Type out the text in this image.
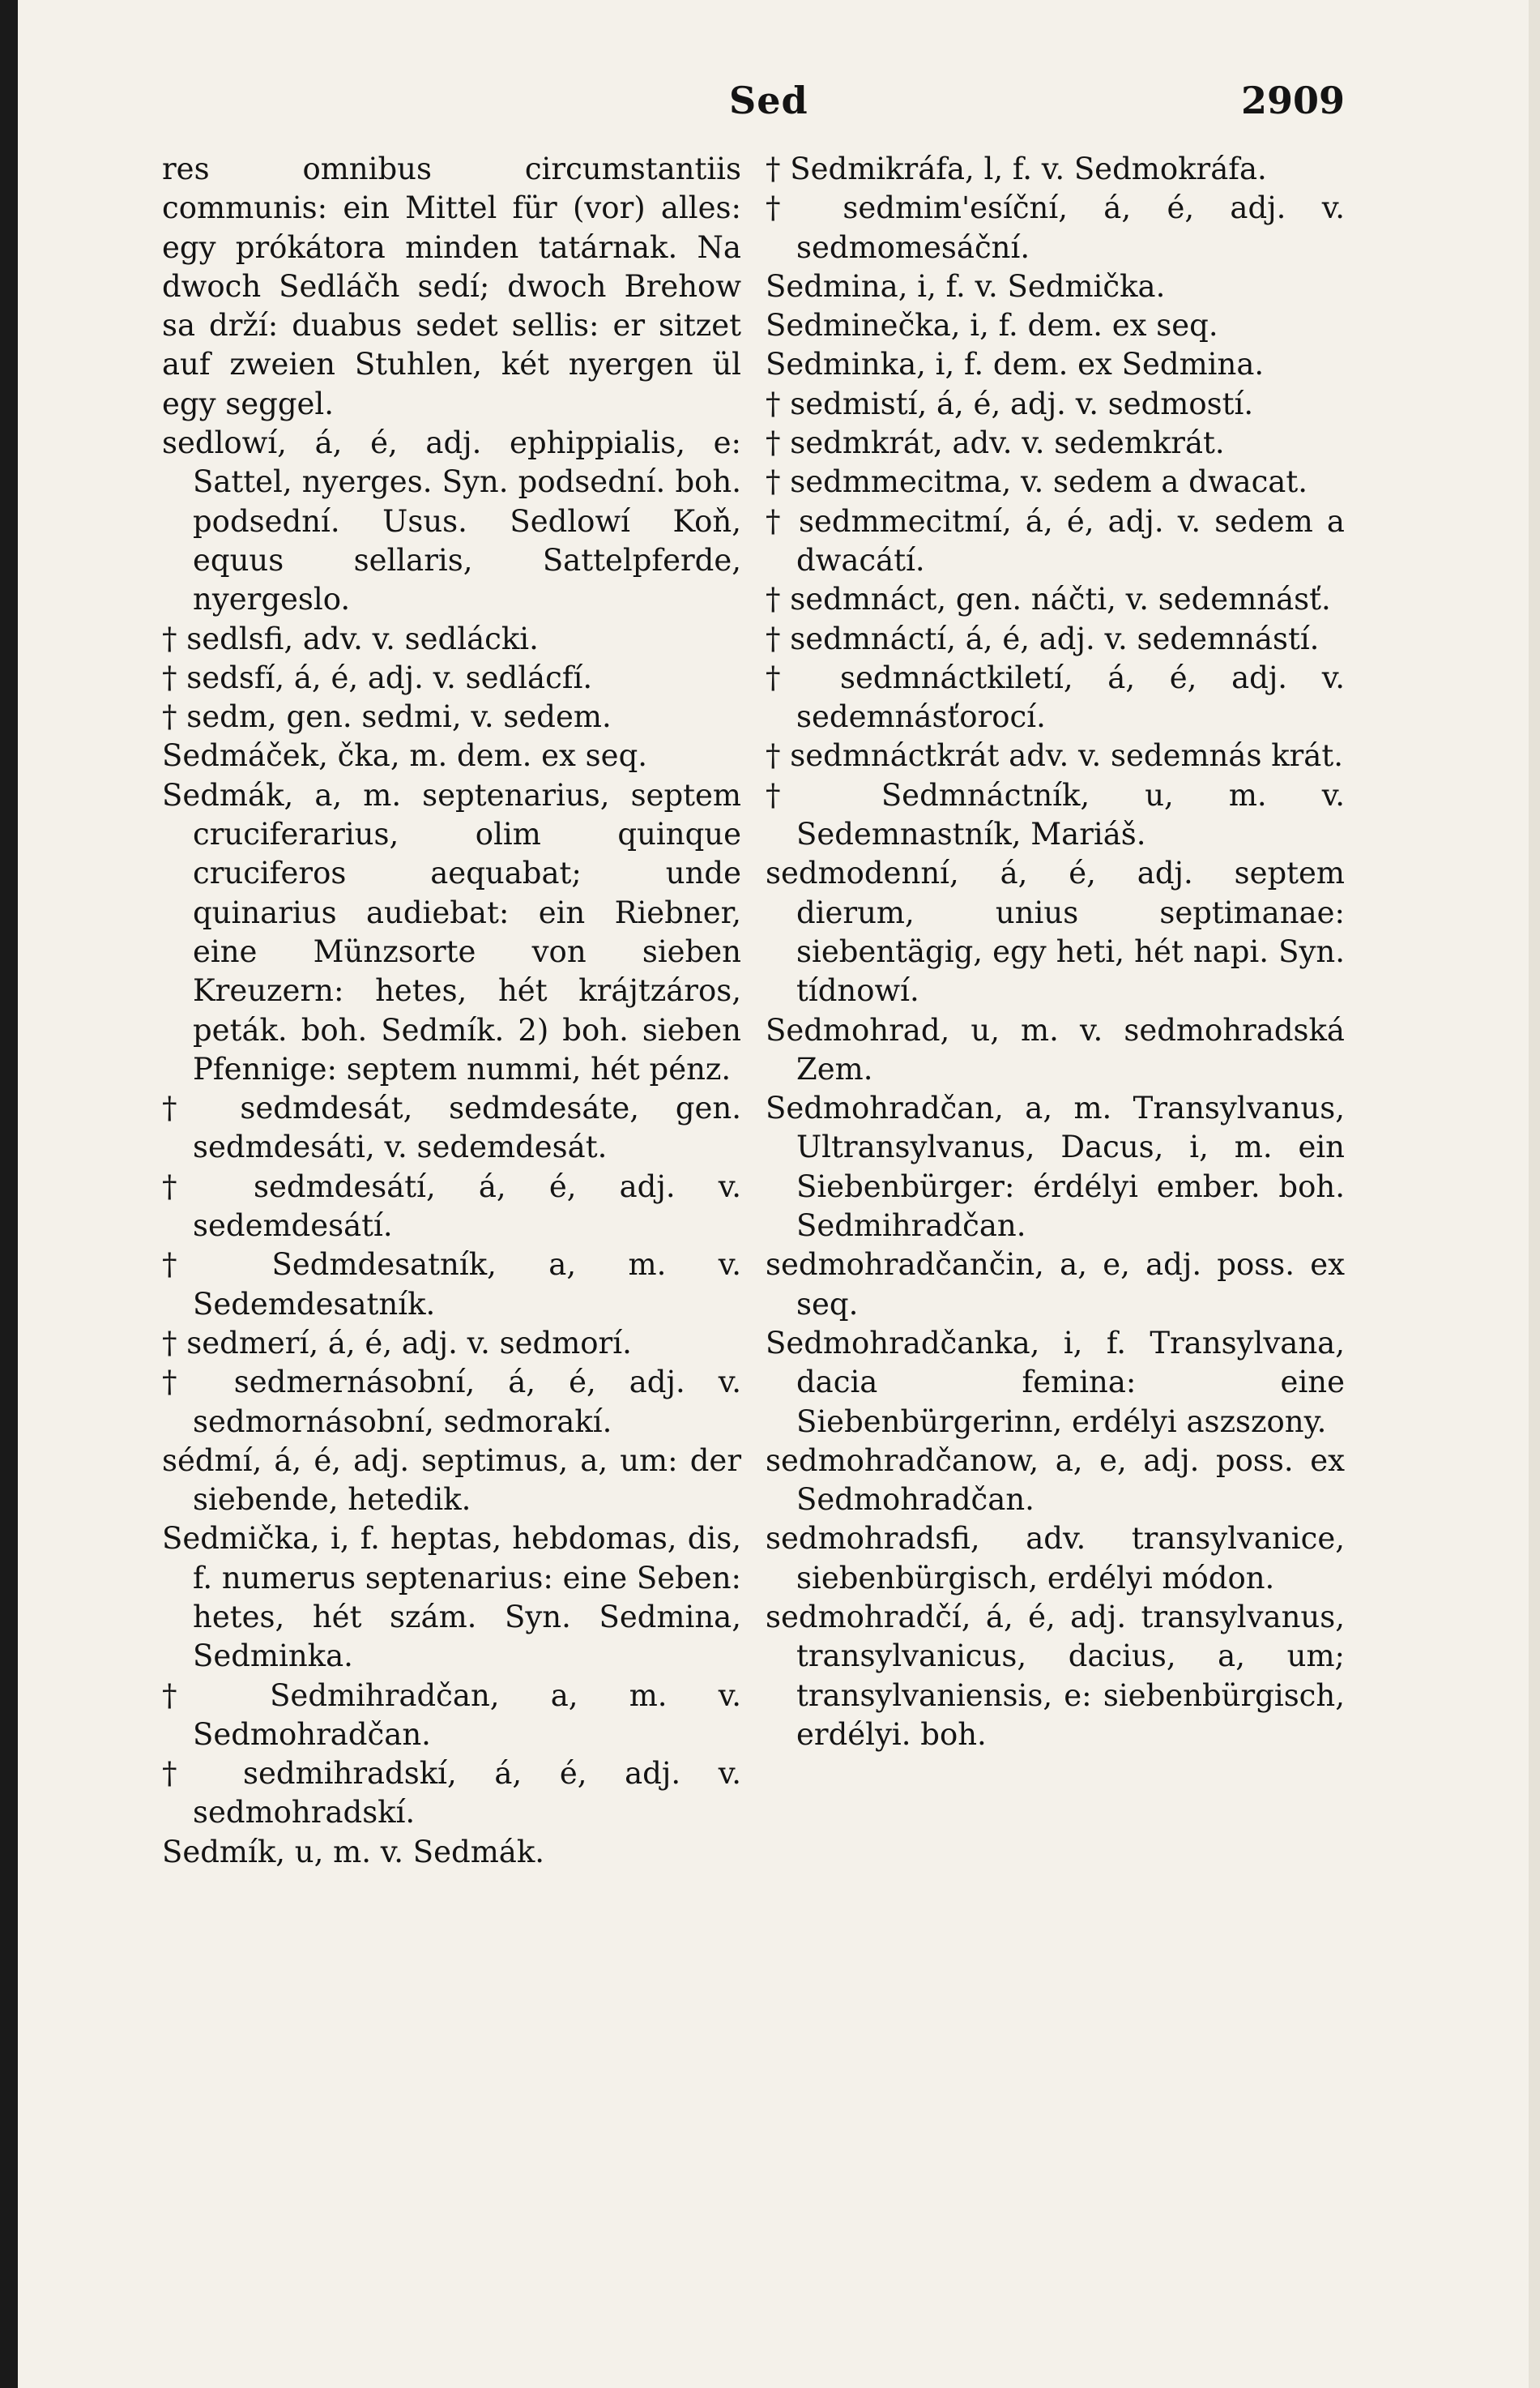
Sed	2909

res omnibus circumstantiis communis: ein Mittel für (vor) alles: egy prókátora minden tatárnak. Na dwoch Sedláčh sedí; dwoch Brehow sa drží: duabus sedet sellis: er sitzet auf zweien Stuhlen, két nyergen ül egy seggel.

sedlowí, á, é, adj. ephippialis, e: Sattel, nyerges. Syn. podsední. boh. podsední. Usus. Sedlowí Koň, equus sellaris, Sattelpferde, nyergeslo.

† sedlsfi, adv. v. sedlácki.

† sedsfí, á, é, adj. v. sedlácfí.

† sedm, gen. sedmi, v. sedem.

Sedmáček, čka, m. dem. ex seq.

Sedmák, a, m. septenarius, septem cruciferarius, olim quinque cruciferos aequabat; unde quinarius audiebat: ein Riebner, eine Münzsorte von sieben Kreuzern: hetes, hét krájtzáros, peták. boh. Sedmík. 2) boh. sieben Pfennige: septem nummi, hét pénz.

† sedmdesát, sedmdesáte, gen. sedmdesáti, v. sedemdesát.

† sedmdesátí, á, é, adj. v. sedemdesátí.

† Sedmdesatník, a, m. v. Sedemdesatník.

† sedmerí, á, é, adj. v. sedmorí.

† sedmernásobní, á, é, adj. v. sedmornásobní, sedmorakí.

sédmí, á, é, adj. septimus, a, um: der siebende, hetedik.

Sedmička, i, f. heptas, hebdomas, dis, f. numerus septenarius: eine Seben: hetes, hét szám. Syn. Sedmina, Sedminka.

† Sedmihradčan, a, m. v. Sedmohradčan.

† sedmihradskí, á, é, adj. v. sedmohradskí.

Sedmík, u, m. v. Sedmák.

† Sedmikráfa, l, f. v. Sedmokráfa.

† sedmim'esíční, á, é, adj. v. sedmomesáční.

Sedmina, i, f. v. Sedmička.

Sedminečka, i, f. dem. ex seq.

Sedminka, i, f. dem. ex Sedmina.

† sedmistí, á, é, adj. v. sedmostí.

† sedmkrát, adv. v. sedemkrát.

† sedmmecitma, v. sedem a dwacat.

† sedmmecitmí, á, é, adj. v. sedem a dwacátí.

† sedmnáct, gen. náčti, v. sedemnásť.

† sedmnáctí, á, é, adj. v. sedemnástí.

† sedmnáctkiletí, á, é, adj. v. sedemnásťorocí.

† sedmnáctkrát adv. v. sedemnás krát.

† Sedmnáctník, u, m. v. Sedemnastník, Mariáš.

sedmodenní, á, é, adj. septem dierum, unius septimanae: siebentägig, egy heti, hét napi. Syn. tídnowí.

Sedmohrad, u, m. v. sedmohradská Zem.

Sedmohradčan, a, m. Transylvanus, Ultransylvanus, Dacus, i, m. ein Siebenbürger: érdélyi ember. boh. Sedmihradčan.

sedmohradčančin, a, e, adj. poss. ex seq.

Sedmohradčanka, i, f. Transylvana, dacia femina: eine Siebenbürgerinn, erdélyi aszszony.

sedmohradčanow, a, e, adj. poss. ex Sedmohradčan.

sedmohradsfi, adv. transylvanice, siebenbürgisch, erdélyi módon.

sedmohradčí, á, é, adj. transylvanus, transylvanicus, dacius, a, um; transylvaniensis, e: siebenbürgisch, erdélyi. boh.
